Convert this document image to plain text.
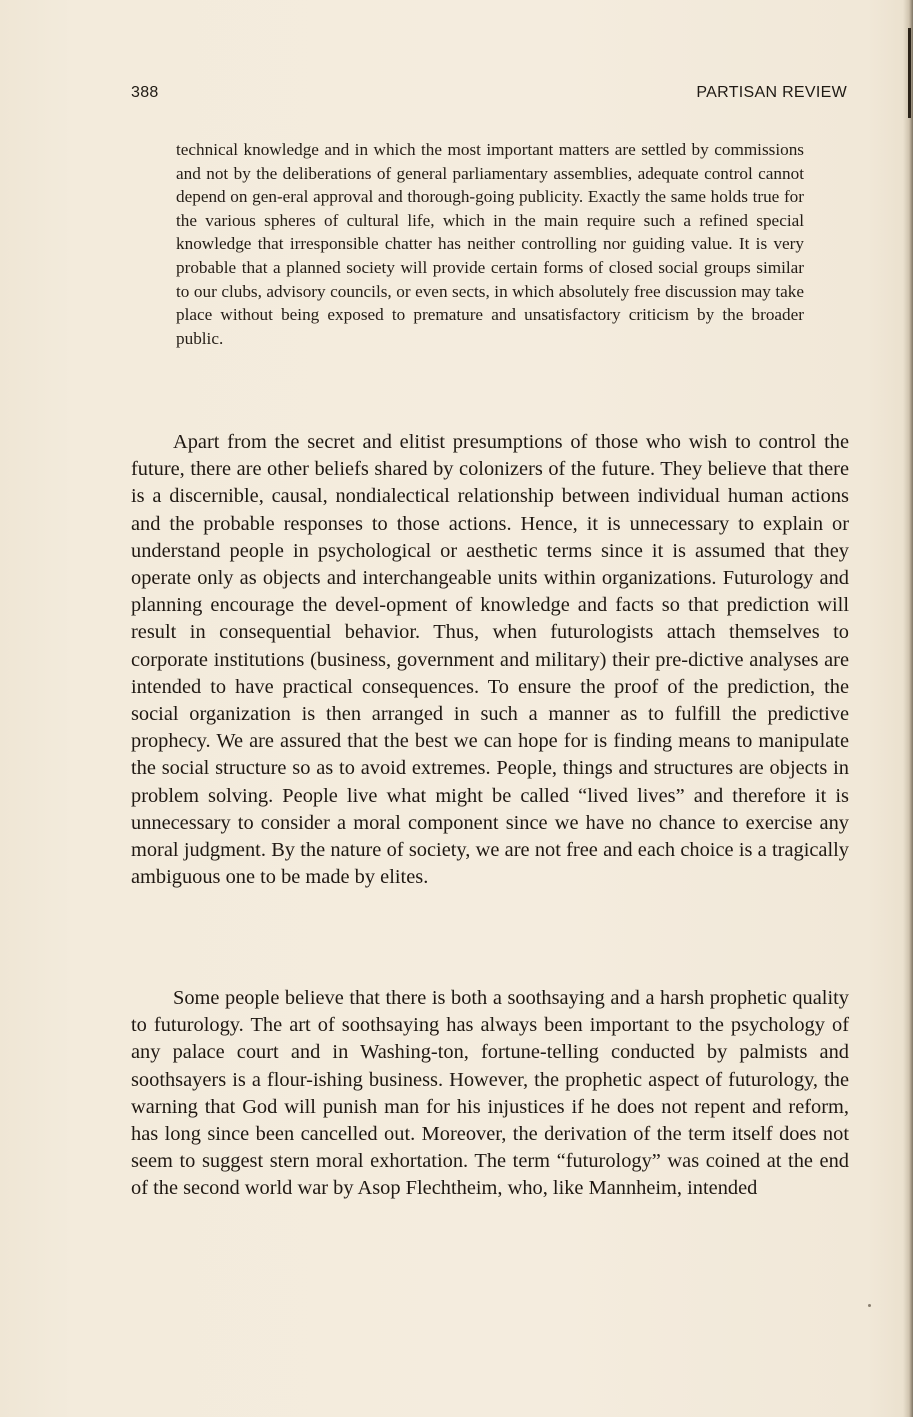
388	PARTISAN REVIEW

technical knowledge and in which the most important matters are settled by commissions and not by the deliberations of general parliamentary assemblies, adequate control cannot depend on gen-eral approval and thorough-going publicity. Exactly the same holds true for the various spheres of cultural life, which in the main require such a refined special knowledge that irresponsible chatter has neither controlling nor guiding value. It is very probable that a planned society will provide certain forms of closed social groups similar to our clubs, advisory councils, or even sects, in which absolutely free discussion may take place without being exposed to premature and unsatisfactory criticism by the broader public.

Apart from the secret and elitist presumptions of those who wish to control the future, there are other beliefs shared by colonizers of the future. They believe that there is a discernible, causal, nondialectical relationship between individual human actions and the probable responses to those actions. Hence, it is unnecessary to explain or understand people in psychological or aesthetic terms since it is assumed that they operate only as objects and interchangeable units within organizations. Futurology and planning encourage the devel-opment of knowledge and facts so that prediction will result in consequential behavior. Thus, when futurologists attach themselves to corporate institutions (business, government and military) their pre-dictive analyses are intended to have practical consequences. To ensure the proof of the prediction, the social organization is then arranged in such a manner as to fulfill the predictive prophecy. We are assured that the best we can hope for is finding means to manipulate the social structure so as to avoid extremes. People, things and structures are objects in problem solving. People live what might be called “lived lives” and therefore it is unnecessary to consider a moral component since we have no chance to exercise any moral judgment. By the nature of society, we are not free and each choice is a tragically ambiguous one to be made by elites.

Some people believe that there is both a soothsaying and a harsh prophetic quality to futurology. The art of soothsaying has always been important to the psychology of any palace court and in Washing-ton, fortune-telling conducted by palmists and soothsayers is a flour-ishing business. However, the prophetic aspect of futurology, the warning that God will punish man for his injustices if he does not repent and reform, has long since been cancelled out. Moreover, the derivation of the term itself does not seem to suggest stern moral exhortation. The term “futurology” was coined at the end of the second world war by Asop Flechtheim, who, like Mannheim, intended
